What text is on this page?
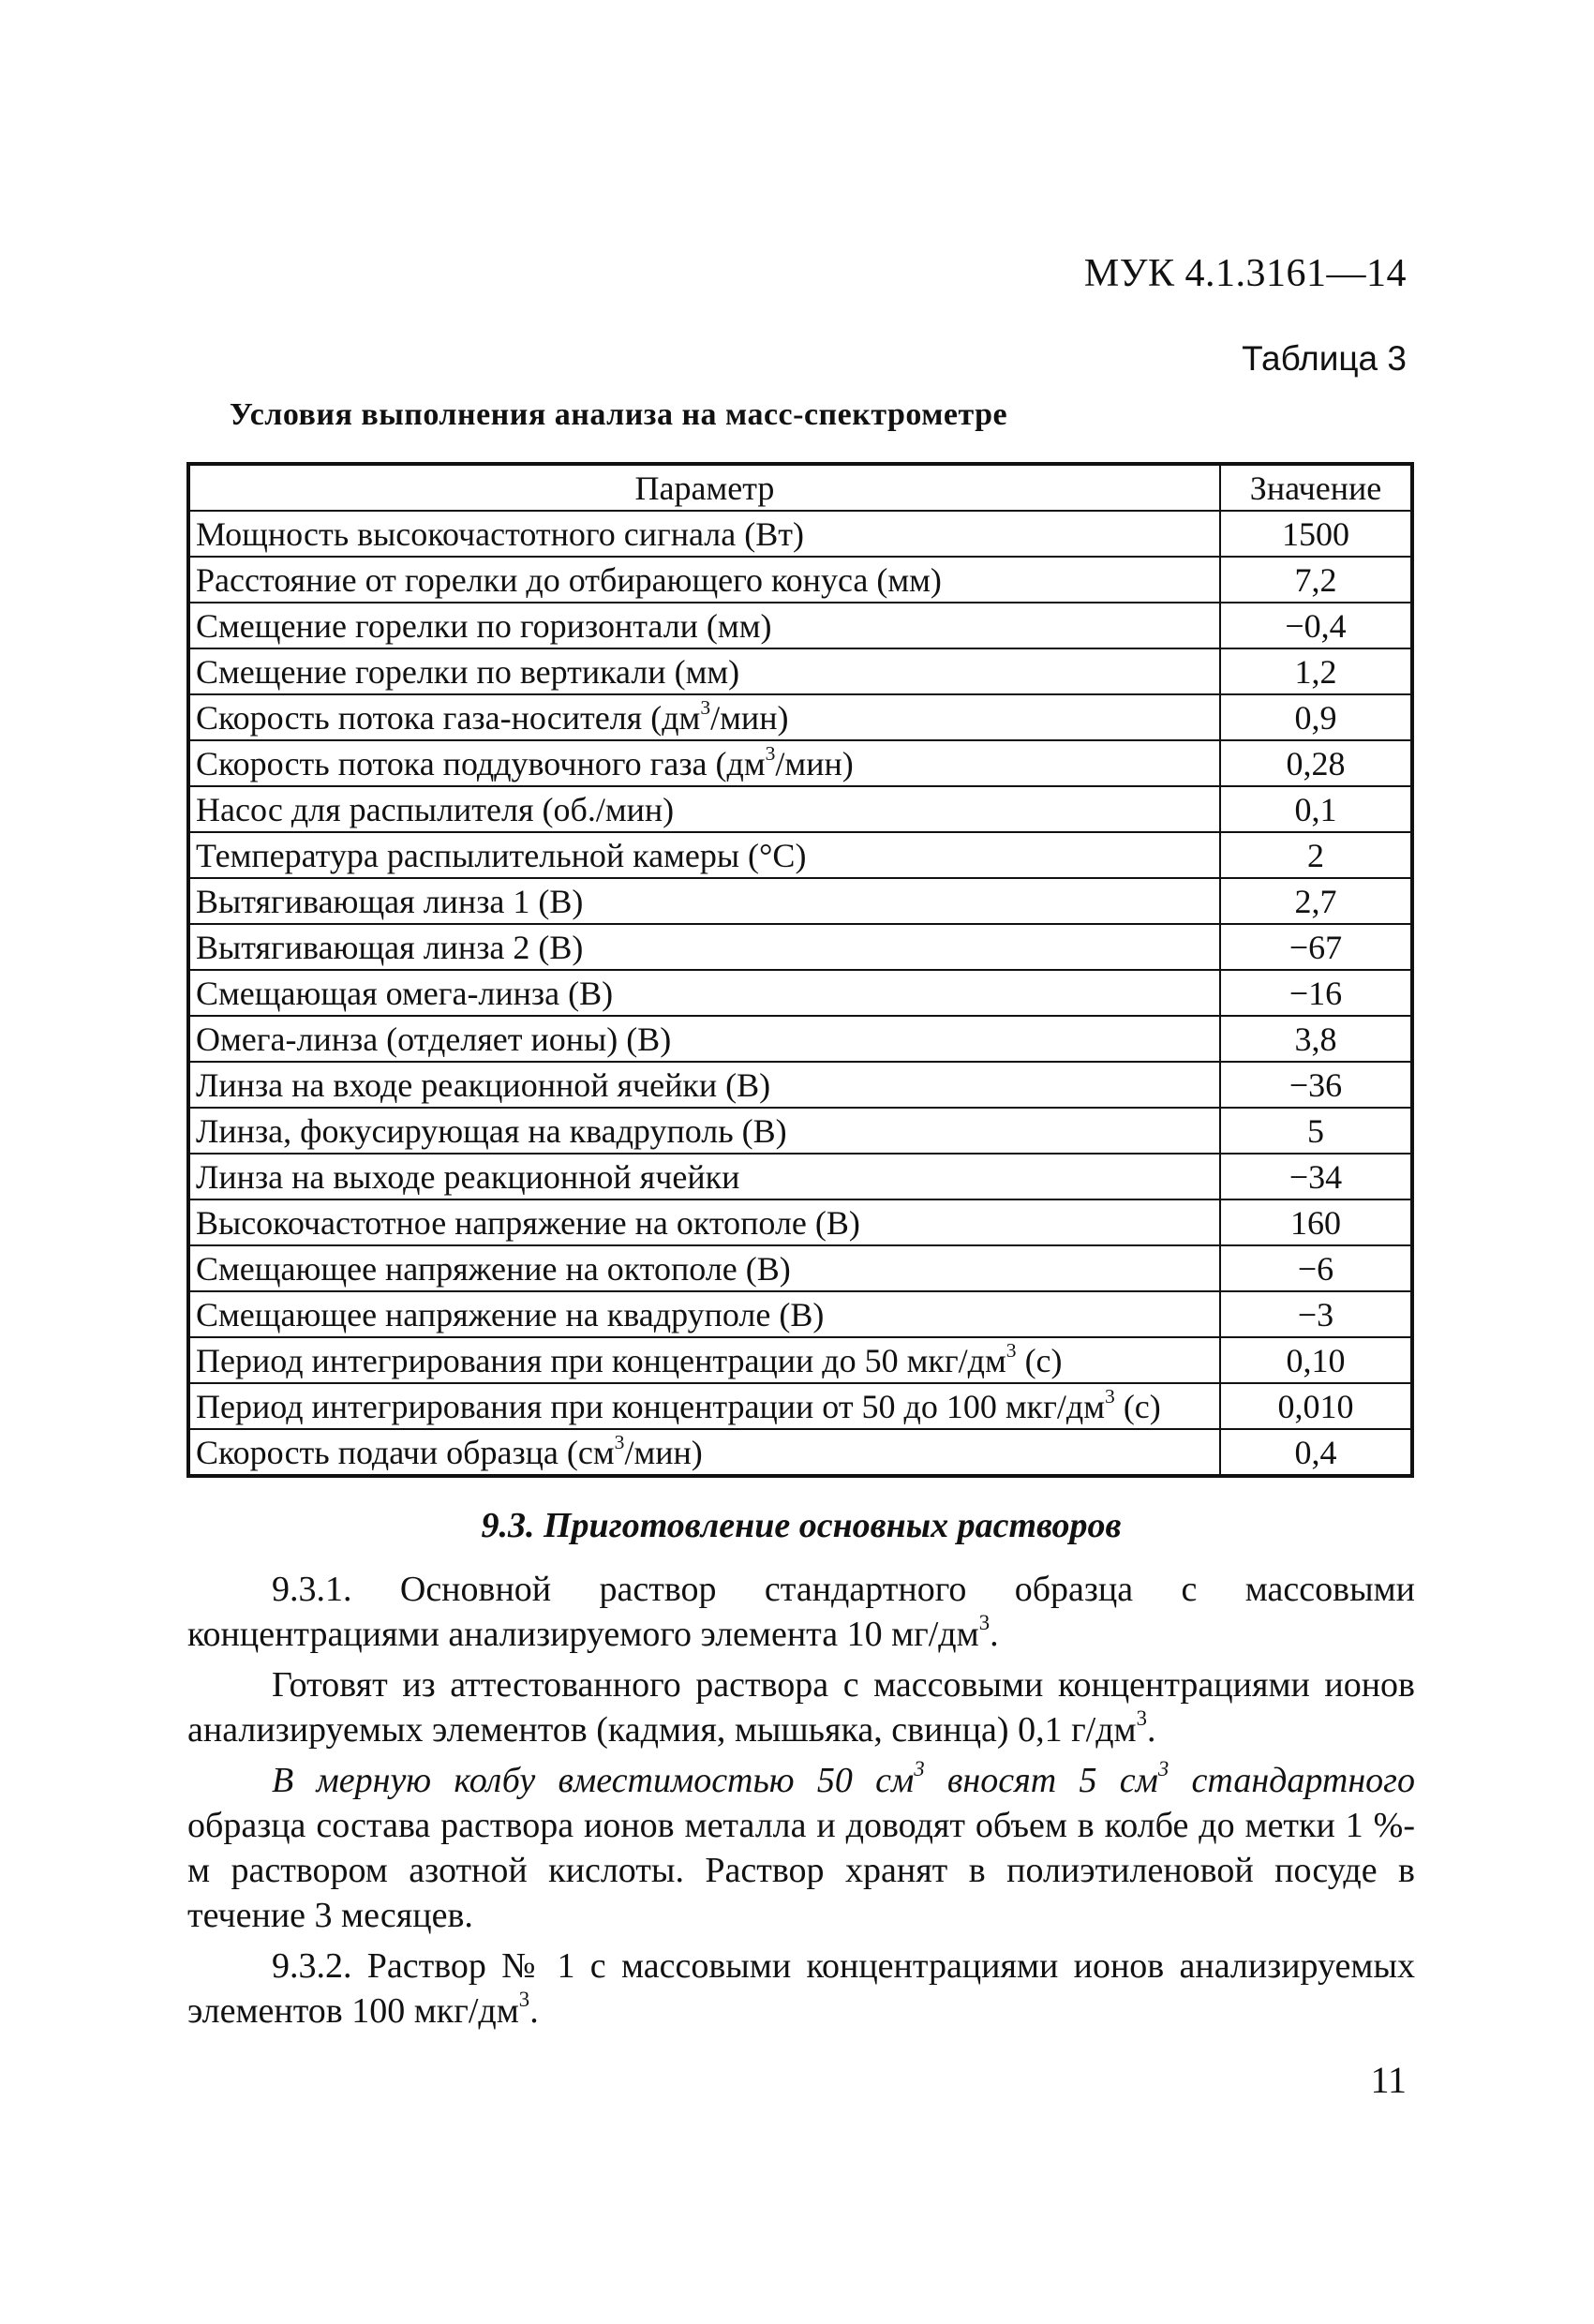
МУК 4.1.3161—14
Таблица 3
Условия выполнения анализа на масс-спектрометре
Параметр	Значение
Мощность высокочастотного сигнала (Вт)	1500
Расстояние от горелки до отбирающего конуса (мм)	7,2
Смещение горелки по горизонтали (мм)	−0,4
Смещение горелки по вертикали (мм)	1,2
Скорость потока газа-носителя $(дм^3/мин)$	0,9
Скорость потока поддувочного газа $(дм^3/мин)$	0,28
Насос для распылителя (об./мин)	0,1
Температура распылительной камеры (°С)	2
Вытягивающая линза 1 (В)	2,7
Вытягивающая линза 2 (В)	−67
Смещающая омега-линза (В)	−16
Омега-линза (отделяет ионы) (В)	3,8
Линза на входе реакционной ячейки (В)	−36
Линза, фокусирующая на квадруполь (В)	5
Линза на выходе реакционной ячейки	−34
Высокочастотное напряжение на октополе (В)	160
Смещающее напряжение на октополе (В)	−6
Смещающее напряжение на квадруполе (В)	−3
Период интегрирования при концентрации до 50 мкг/$дм^3$ (с)	0,10
Период интегрирования при концентрации от 50 до 100 мкг/$дм^3$ (с)	0,010
Скорость подачи образца $(см^3/мин)$	0,4
9.3. Приготовление основных растворов

9.3.1. Основной раствор стандартного образца с массовыми концентрациями анализируемого элемента 10 $мг/дм^3$.

Готовят из аттестованного раствора с массовыми концентрациями ионов анализируемых элементов (кадмия, мышьяка, свинца) 0,1 $г/дм^3$.

В мерную колбу вместимостью 50 $см^3$ вносят 5 $см^3$ стандартного образца состава раствора ионов металла и доводят объем в колбе до метки 1 %-м раствором азотной кислоты. Раствор хранят в полиэтиленовой посуде в течение 3 месяцев.

9.3.2. Раствор № 1 с массовыми концентрациями ионов анализируемых элементов 100 мкг/$дм^3$.

11
